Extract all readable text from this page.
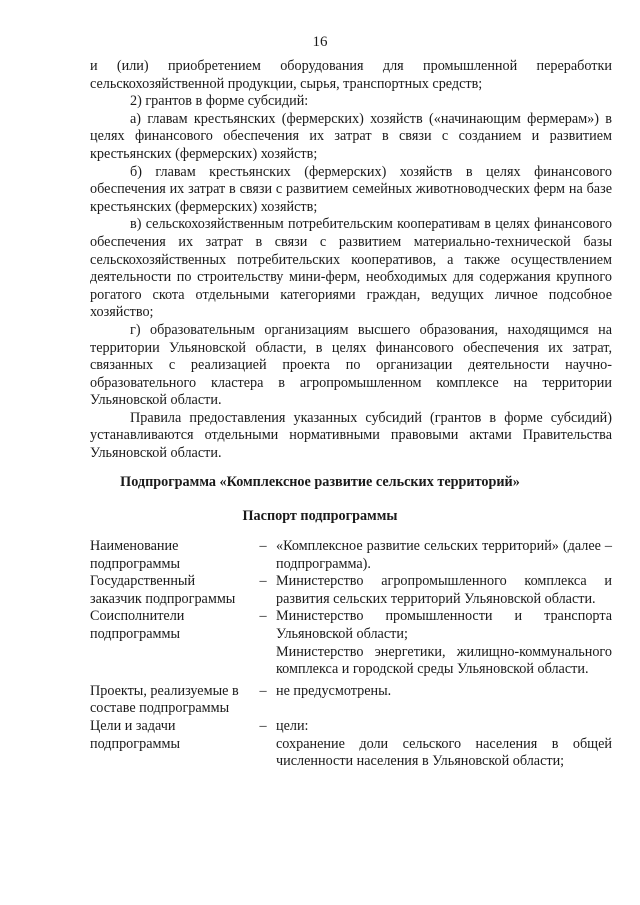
16

и (или) приобретением оборудования для промышленной переработки сельскохозяйственной продукции, сырья, транспортных средств;

2) грантов в форме субсидий:

а) главам крестьянских (фермерских) хозяйств («начинающим фермерам») в целях финансового обеспечения их затрат в связи с созданием и развитием крестьянских (фермерских) хозяйств;

б) главам крестьянских (фермерских) хозяйств в целях финансового обеспечения их затрат в связи с развитием семейных животноводческих ферм на базе крестьянских (фермерских) хозяйств;

в) сельскохозяйственным потребительским кооперативам в целях финансового обеспечения их затрат в связи с развитием материально-технической базы сельскохозяйственных потребительских кооперативов, а также осуществлением деятельности по строительству мини-ферм, необходимых для содержания крупного рогатого скота отдельными категориями граждан, ведущих личное подсобное хозяйство;

г) образовательным организациям высшего образования, находящимся на территории Ульяновской области, в целях финансового обеспечения их затрат, связанных с реализацией проекта по организации деятельности научно-образовательного кластера в агропромышленном комплексе на территории Ульяновской области.

Правила предоставления указанных субсидий (грантов в форме субсидий) устанавливаются отдельными нормативными правовыми актами Правительства Ульяновской области.

Подпрограмма «Комплексное развитие сельских территорий»
Паспорт подпрограммы
Наименование подпрограммы
– «Комплексное развитие сельских территорий» (далее – подпрограмма).

Государственный заказчик подпрограммы
– Министерство агропромышленного комплекса и развития сельских территорий Ульяновской области.

Соисполнители подпрограммы
– Министерство промышленности и транспорта Ульяновской области;

Министерство энергетики, жилищно-коммунального комплекса и городской среды Ульяновской области.

Проекты, реализуемые в составе подпрограммы
– не предусмотрены.

Цели и задачи подпрограммы
– цели:

сохранение доли сельского населения в общей численности населения в Ульяновской области;
